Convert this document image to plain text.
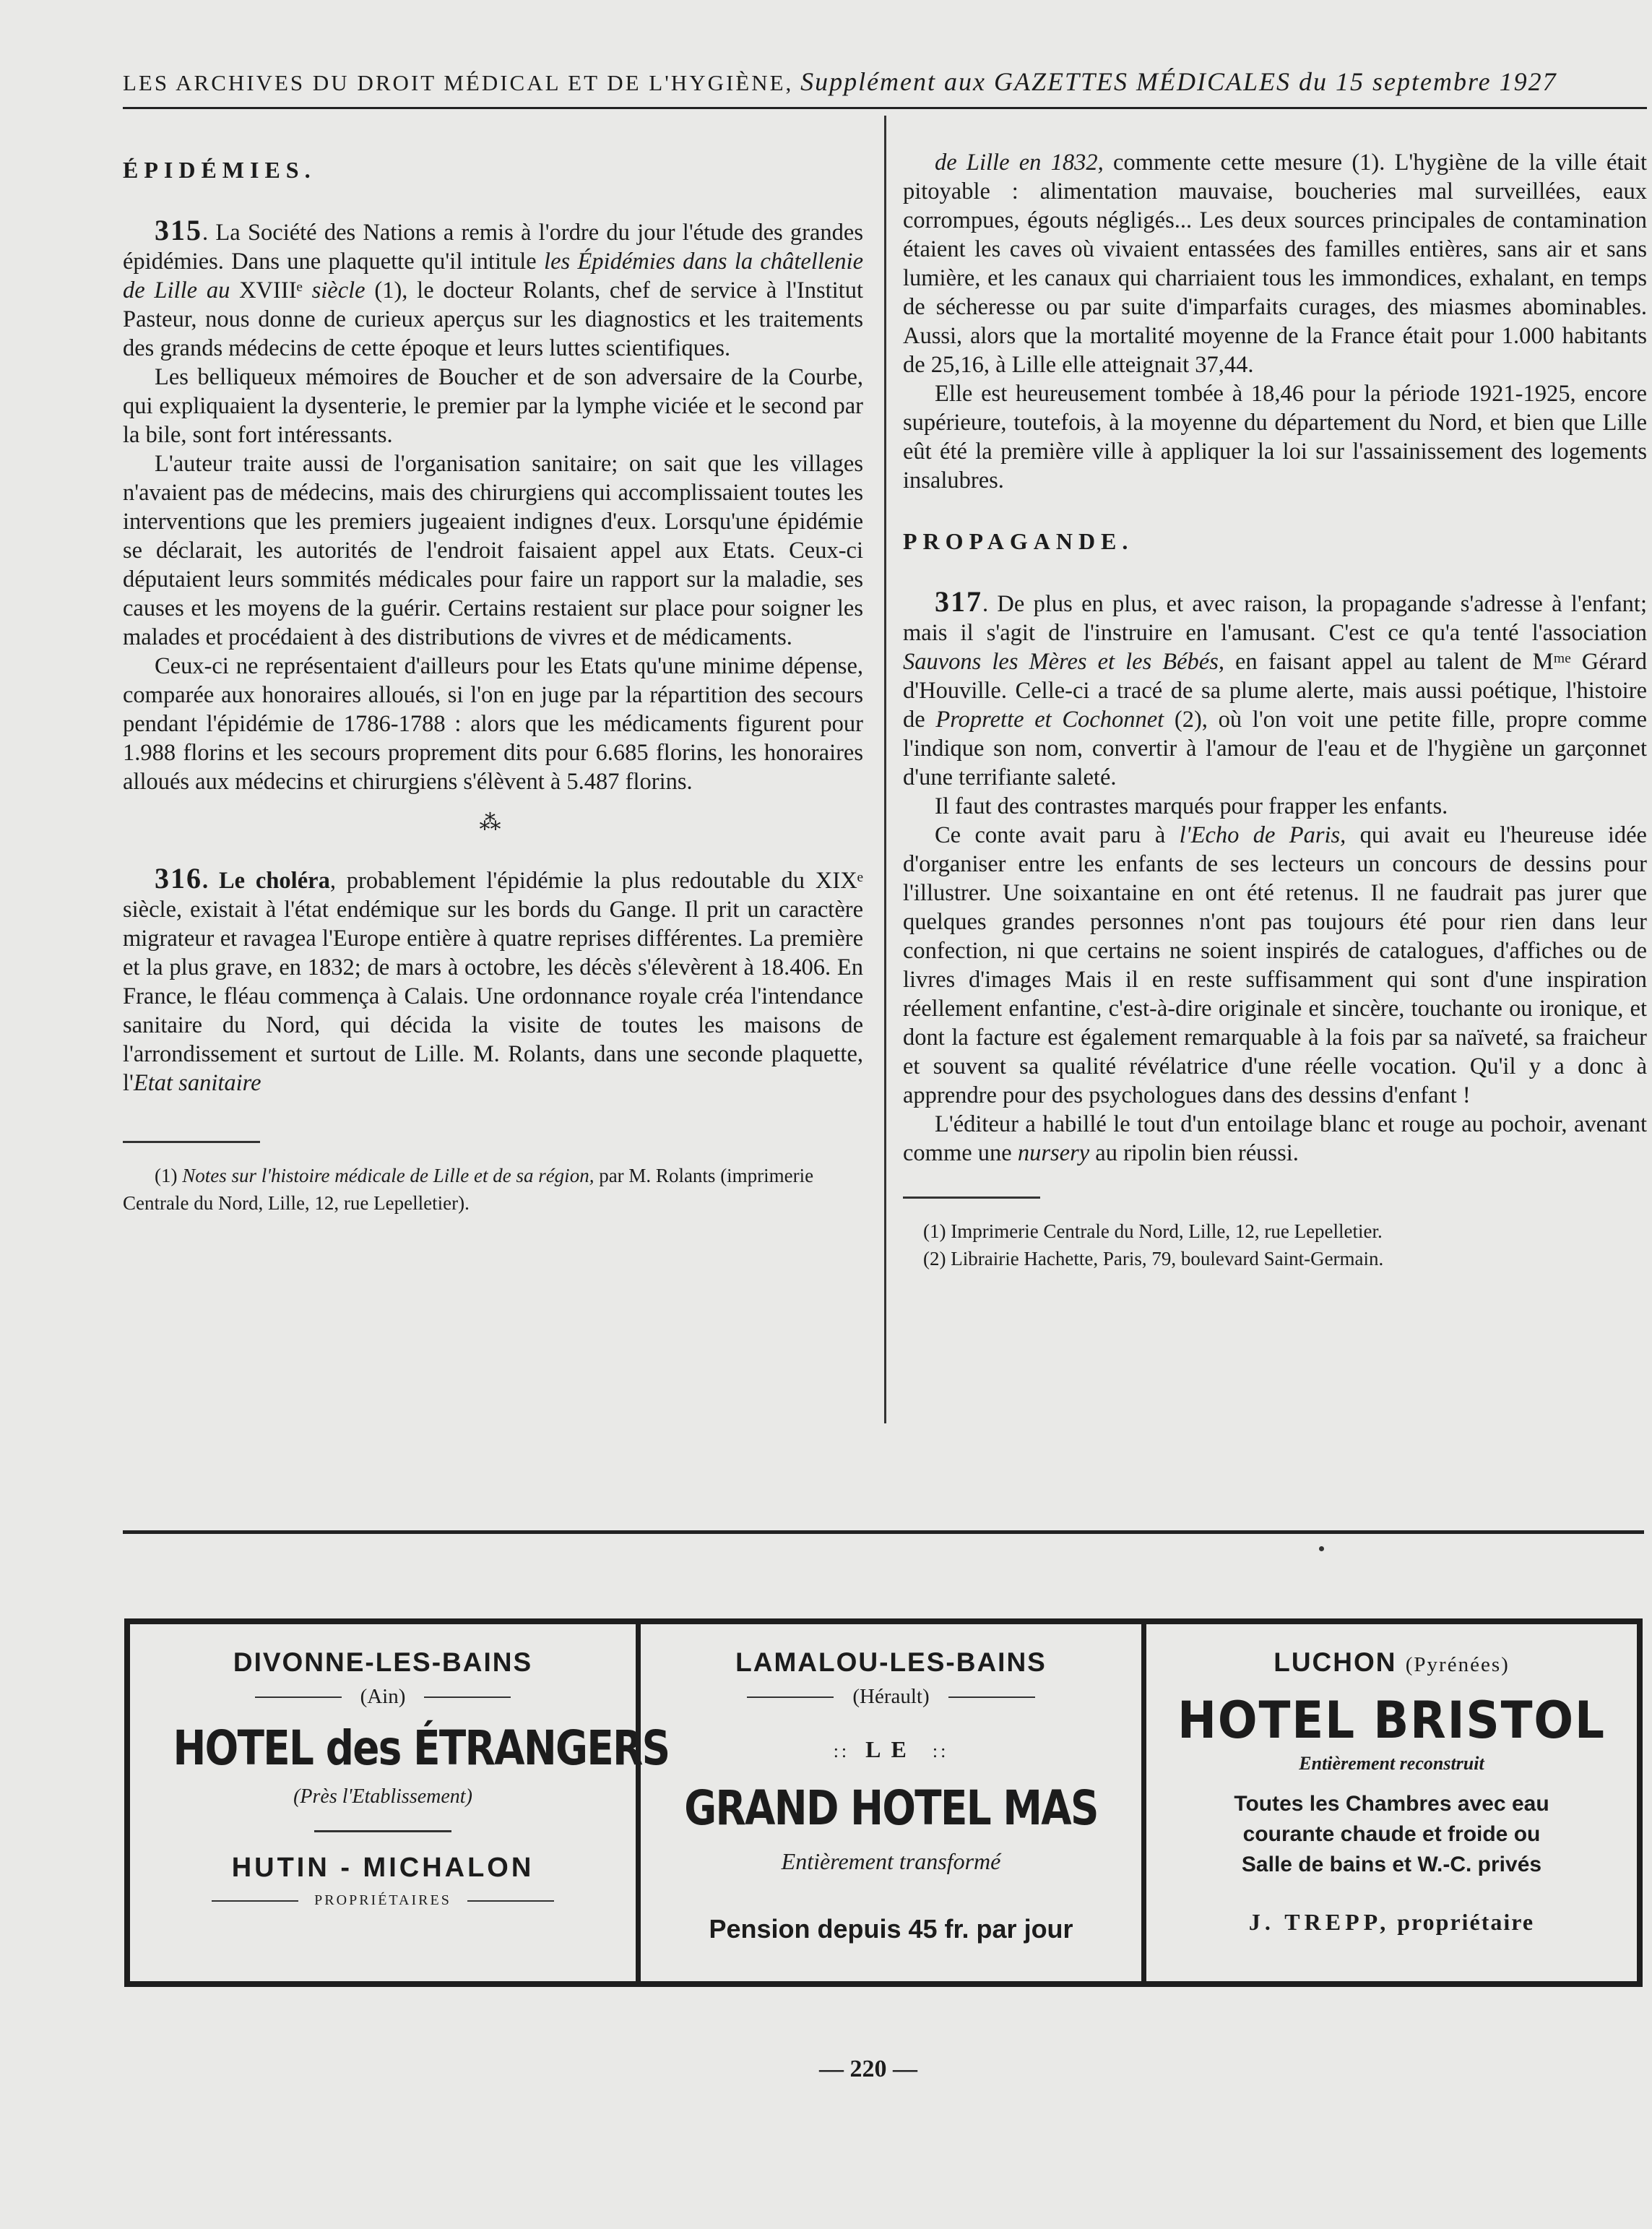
LES ARCHIVES DU DROIT MÉDICAL ET DE L'HYGIÈNE, Supplément aux GAZETTES MÉDICALES du 15 septembre 1927
ÉPIDÉMIES.

315. La Société des Nations a remis à l'ordre du jour l'étude des grandes épidémies. Dans une plaquette qu'il intitule les Épidémies dans la châtellenie de Lille au XVIIIᵉ siècle (1), le docteur Rolants, chef de service à l'Institut Pasteur, nous donne de curieux aperçus sur les diagnostics et les traitements des grands médecins de cette époque et leurs luttes scientifiques.

Les belliqueux mémoires de Boucher et de son adversaire de la Courbe, qui expliquaient la dysenterie, le premier par la lymphe viciée et le second par la bile, sont fort intéressants.

L'auteur traite aussi de l'organisation sanitaire; on sait que les villages n'avaient pas de médecins, mais des chirurgiens qui accomplissaient toutes les interventions que les premiers jugeaient indignes d'eux. Lorsqu'une épidémie se déclarait, les autorités de l'endroit faisaient appel aux Etats. Ceux-ci députaient leurs sommités médicales pour faire un rapport sur la maladie, ses causes et les moyens de la guérir. Certains restaient sur place pour soigner les malades et procédaient à des distributions de vivres et de médicaments.

Ceux-ci ne représentaient d'ailleurs pour les Etats qu'une minime dépense, comparée aux honoraires alloués, si l'on en juge par la répartition des secours pendant l'épidémie de 1786-1788 : alors que les médicaments figurent pour 1.988 florins et les secours proprement dits pour 6.685 florins, les honoraires alloués aux médecins et chirurgiens s'élèvent à 5.487 florins.

⁂

316. Le choléra, probablement l'épidémie la plus redoutable du XIXᵉ siècle, existait à l'état endémique sur les bords du Gange. Il prit un caractère migrateur et ravagea l'Europe entière à quatre reprises différentes. La première et la plus grave, en 1832; de mars à octobre, les décès s'élevèrent à 18.406. En France, le fléau commença à Calais. Une ordonnance royale créa l'intendance sanitaire du Nord, qui décida la visite de toutes les maisons de l'arrondissement et surtout de Lille. M. Rolants, dans une seconde plaquette, l'Etat sanitaire

(1) Notes sur l'histoire médicale de Lille et de sa région, par M. Rolants (imprimerie Centrale du Nord, Lille, 12, rue Lepelletier).

de Lille en 1832, commente cette mesure (1). L'hygiène de la ville était pitoyable : alimentation mauvaise, boucheries mal surveillées, eaux corrompues, égouts négligés... Les deux sources principales de contamination étaient les caves où vivaient entassées des familles entières, sans air et sans lumière, et les canaux qui charriaient tous les immondices, exhalant, en temps de sécheresse ou par suite d'imparfaits curages, des miasmes abominables. Aussi, alors que la mortalité moyenne de la France était pour 1.000 habitants de 25,16, à Lille elle atteignait 37,44.

Elle est heureusement tombée à 18,46 pour la période 1921-1925, encore supérieure, toutefois, à la moyenne du département du Nord, et bien que Lille eût été la première ville à appliquer la loi sur l'assainissement des logements insalubres.

PROPAGANDE.

317. De plus en plus, et avec raison, la propagande s'adresse à l'enfant; mais il s'agit de l'instruire en l'amusant. C'est ce qu'a tenté l'association Sauvons les Mères et les Bébés, en faisant appel au talent de Mᵐᵉ Gérard d'Houville. Celle-ci a tracé de sa plume alerte, mais aussi poétique, l'histoire de Proprette et Cochonnet (2), où l'on voit une petite fille, propre comme l'indique son nom, convertir à l'amour de l'eau et de l'hygiène un garçonnet d'une terrifiante saleté.

Il faut des contrastes marqués pour frapper les enfants.

Ce conte avait paru à l'Echo de Paris, qui avait eu l'heureuse idée d'organiser entre les enfants de ses lecteurs un concours de dessins pour l'illustrer. Une soixantaine en ont été retenus. Il ne faudrait pas jurer que quelques grandes personnes n'ont pas toujours été pour rien dans leur confection, ni que certains ne soient inspirés de catalogues, d'affiches ou de livres d'images Mais il en reste suffisamment qui sont d'une inspiration réellement enfantine, c'est-à-dire originale et sincère, touchante ou ironique, et dont la facture est également remarquable à la fois par sa naïveté, sa fraicheur et souvent sa qualité révélatrice d'une réelle vocation. Qu'il y a donc à apprendre pour des psychologues dans des dessins d'enfant !

L'éditeur a habillé le tout d'un entoilage blanc et rouge au pochoir, avenant comme une nursery au ripolin bien réussi.

(1) Imprimerie Centrale du Nord, Lille, 12, rue Lepelletier.

(2) Librairie Hachette, Paris, 79, boulevard Saint-Germain.

DIVONNE-LES-BAINS
(Ain)
HOTEL des ÉTRANGERS
(Près l'Etablissement)
HUTIN - MICHALON
PROPRIÉTAIRES
LAMALOU-LES-BAINS
(Hérault)
:: LE ::
GRAND HOTEL MAS
Entièrement transformé
Pension depuis 45 fr. par jour
LUCHON (Pyrénées)
HOTEL BRISTOL
Entièrement reconstruit
Toutes les Chambres avec eau
courante chaude et froide ou
Salle de bains et W.-C. privés
J. TREPP, propriétaire
— 220 —
